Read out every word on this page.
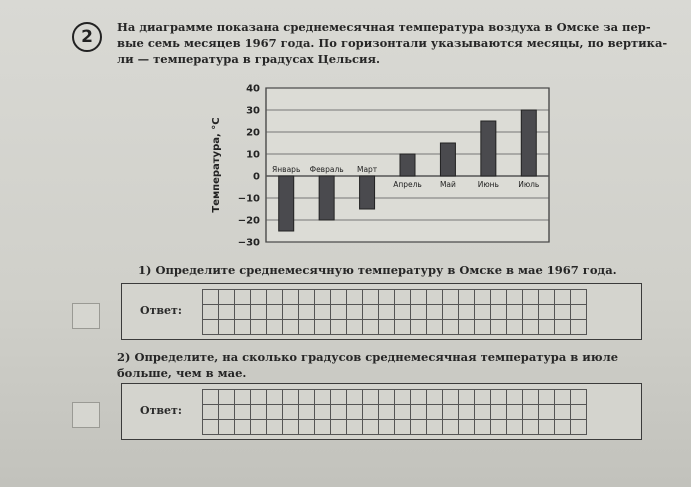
2	На диаграмме показана среднемесячная температура воздуха в Омске за пер-
вые семь месяцев 1967 года. По горизонтали указываются месяцы, по вертика-
ли — температура в градусах Цельсия.

−30
−20
−10
0
10
20
30
40
Температура, °С	Январь Февраль Март
Апрель Май	Июнь	Июль
1) Определите среднемесячную температуру в Омске в мае 1967 года.
Ответ:
2) Определите, на сколько градусов среднемесячная температура в июле
больше, чем в мае.
Ответ:
